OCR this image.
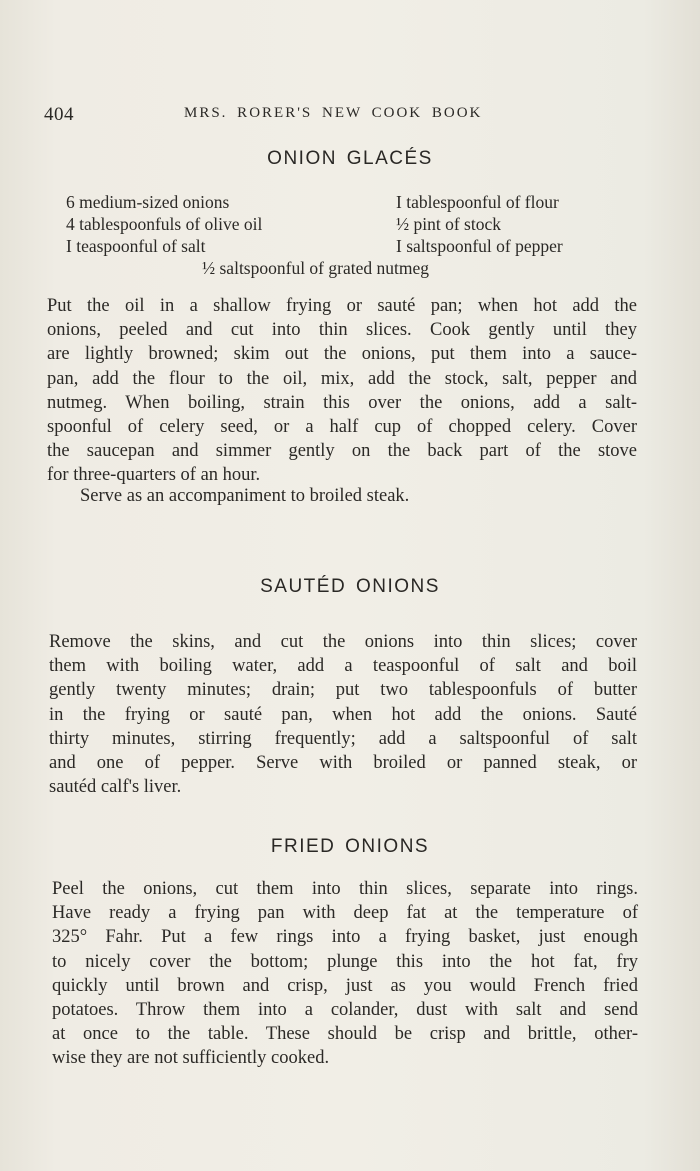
404	MRS. RORER'S NEW COOK BOOK
ONION GLACÉS
6 medium-sized onions	I tablespoonful of flour
4 tablespoonfuls of olive oil	½ pint of stock
I teaspoonful of salt	I saltspoonful of pepper
½ saltspoonful of grated nutmeg
Put the oil in a shallow frying or sauté pan; when hot add the
onions, peeled and cut into thin slices. Cook gently until they
are lightly browned; skim out the onions, put them into a sauce-
pan, add the flour to the oil, mix, add the stock, salt, pepper and
nutmeg. When boiling, strain this over the onions, add a salt-
spoonful of celery seed, or a half cup of chopped celery. Cover
the saucepan and simmer gently on the back part of the stove
for three-quarters of an hour.
Serve as an accompaniment to broiled steak.
SAUTÉD ONIONS
Remove the skins, and cut the onions into thin slices; cover
them with boiling water, add a teaspoonful of salt and boil
gently twenty minutes; drain; put two tablespoonfuls of butter
in the frying or sauté pan, when hot add the onions. Sauté
thirty minutes, stirring frequently; add a saltspoonful of salt
and one of pepper. Serve with broiled or panned steak, or
sautéd calf's liver.
FRIED ONIONS
Peel the onions, cut them into thin slices, separate into rings.
Have ready a frying pan with deep fat at the temperature of
325° Fahr. Put a few rings into a frying basket, just enough
to nicely cover the bottom; plunge this into the hot fat, fry
quickly until brown and crisp, just as you would French fried
potatoes. Throw them into a colander, dust with salt and send
at once to the table. These should be crisp and brittle, other-
wise they are not sufficiently cooked.
